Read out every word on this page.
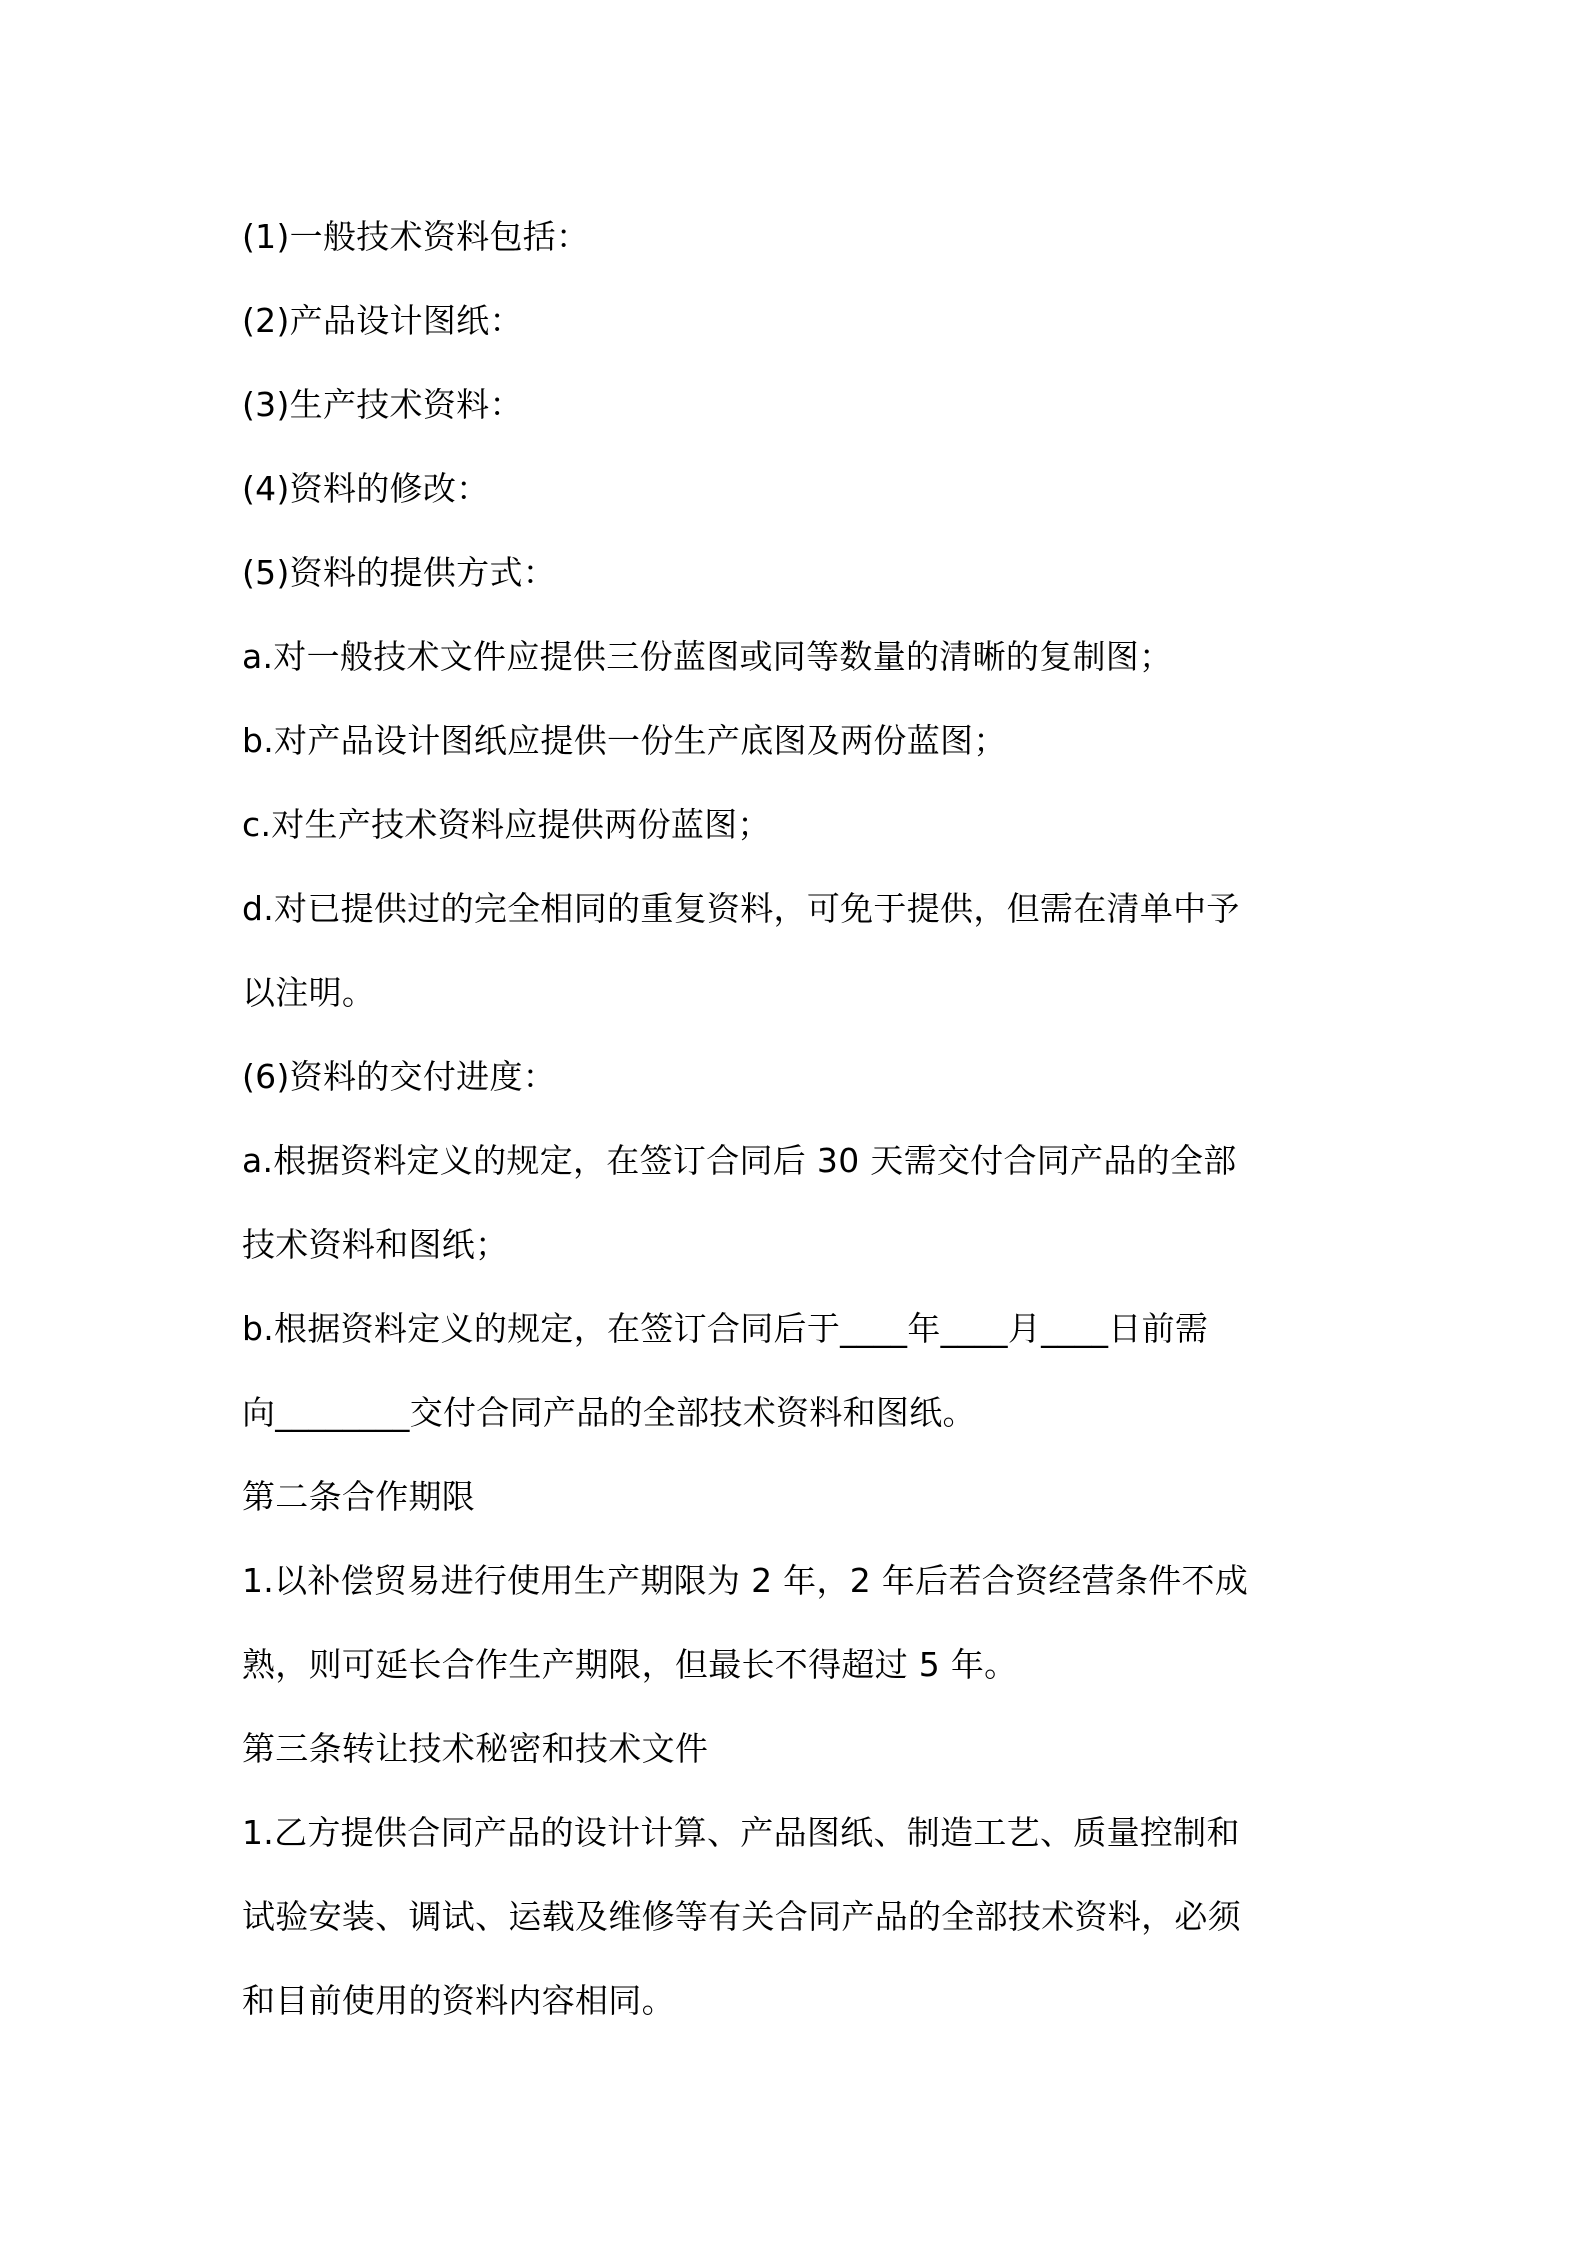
(1)一般技术资料包括：
(2)产品设计图纸：
(3)生产技术资料：
(4)资料的修改：
(5)资料的提供方式：
a.对一般技术文件应提供三份蓝图或同等数量的清晰的复制图；
b.对产品设计图纸应提供一份生产底图及两份蓝图；
c.对生产技术资料应提供两份蓝图；
d.对已提供过的完全相同的重复资料，可免于提供，但需在清单中予
以注明。
(6)资料的交付进度：
a.根据资料定义的规定，在签订合同后 30 天需交付合同产品的全部
技术资料和图纸；
b.根据资料定义的规定，在签订合同后于____年____月____日前需
向________交付合同产品的全部技术资料和图纸。
第二条合作期限
1.以补偿贸易进行使用生产期限为 2 年，2 年后若合资经营条件不成
熟，则可延长合作生产期限，但最长不得超过 5 年。
第三条转让技术秘密和技术文件
1.乙方提供合同产品的设计计算、产品图纸、制造工艺、质量控制和
试验安装、调试、运载及维修等有关合同产品的全部技术资料，必须
和目前使用的资料内容相同。
